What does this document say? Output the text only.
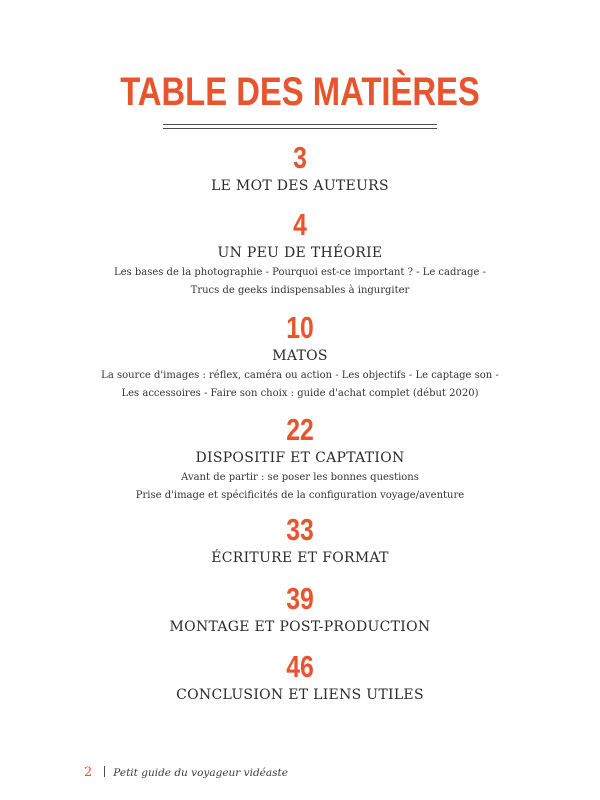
TABLE DES MATIÈRES
3
LE MOT DES AUTEURS
4
UN PEU DE THÉORIE
Les bases de la photographie - Pourquoi est-ce important ? - Le cadrage -
Trucs de geeks indispensables à ingurgiter
10
MATOS
La source d'images : réflex, caméra ou action - Les objectifs - Le captage son -
Les accessoires - Faire son choix : guide d'achat complet (début 2020)
22
DISPOSITIF ET CAPTATION
Avant de partir : se poser les bonnes questions
Prise d'image et spécificités de la configuration voyage/aventure
33
ÉCRITURE ET FORMAT
39
MONTAGE ET POST-PRODUCTION
46
CONCLUSION ET LIENS UTILES
2 Petit guide du voyageur vidéaste
